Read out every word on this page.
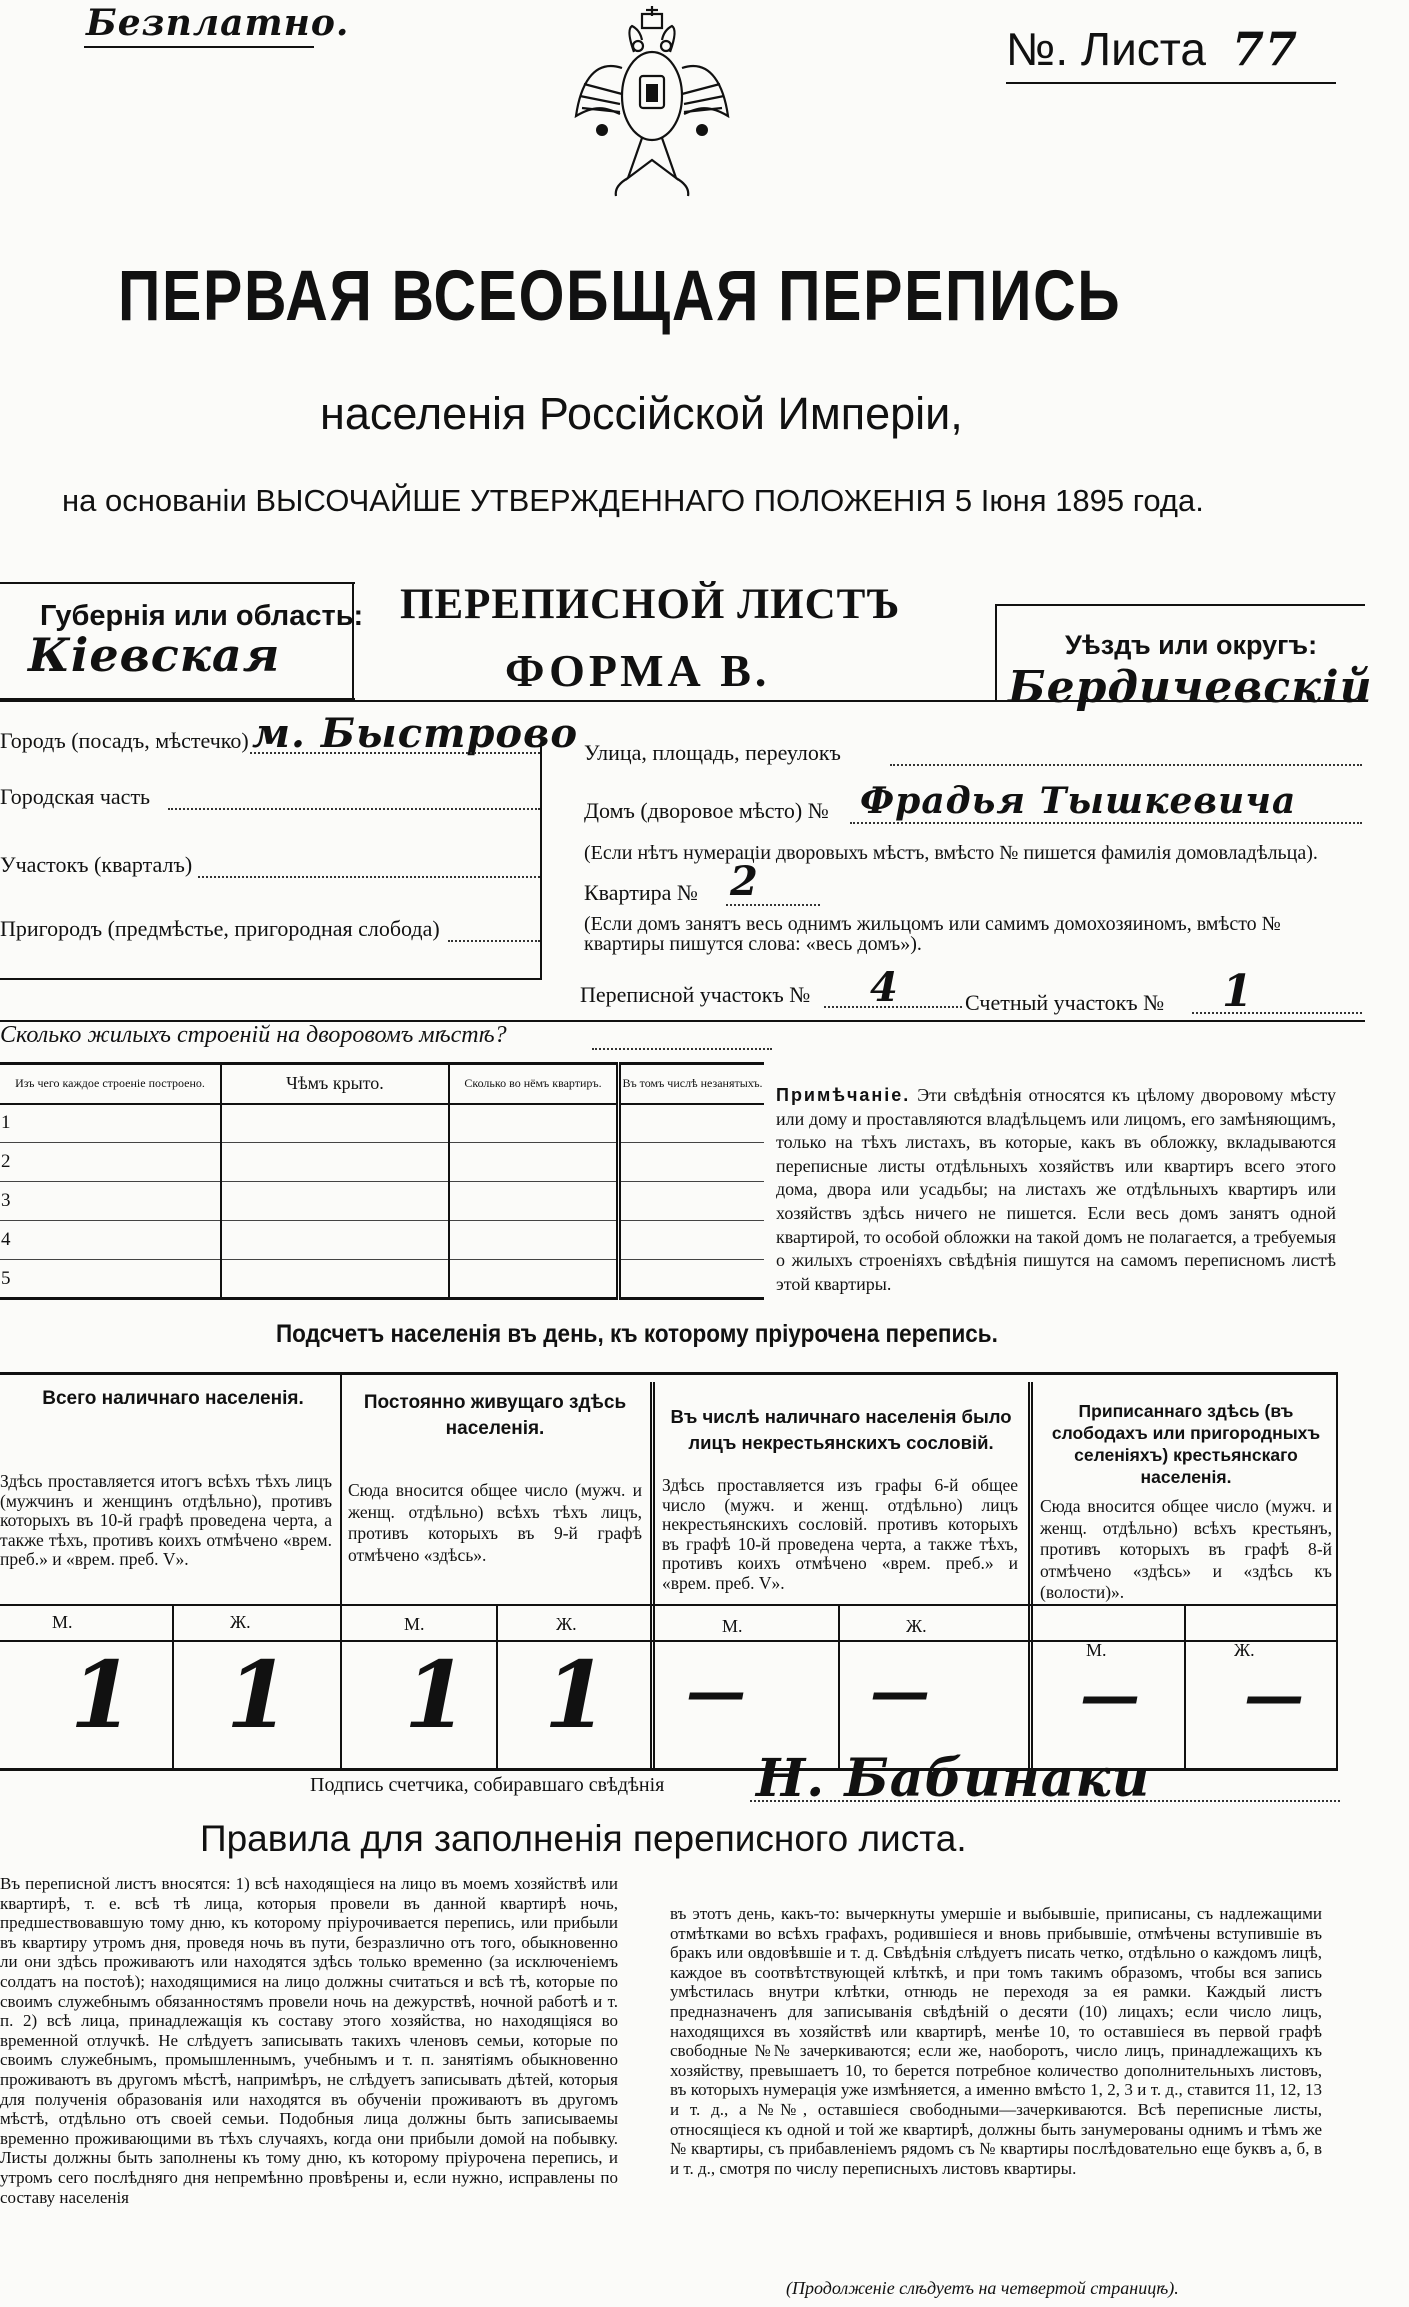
Безплатно.	№. Листа 77
ПЕРВАЯ ВСЕОБЩАЯ ПЕРЕПИСЬ
населенія Россійской Имперіи,
на основаніи ВЫСОЧАЙШЕ УТВЕРЖДЕННАГО ПОЛОЖЕНІЯ 5 Іюня 1895 года.
Губернія или область:
Кіевская
ПЕРЕПИСНОЙ ЛИСТЪ
ФОРМА В.	Уѣздъ или округъ:
Бердичевскій
Городъ (посадъ, мѣстечко) м. Быстрово
Городская часть
Участокъ (кварталъ)
Пригородъ (предмѣстье, пригородная слобода)
Улица, площадь, переулокъ
Домъ (дворовое мѣсто) № Фрадья Тышкевича
(Если нѣтъ нумераціи дворовыхъ мѣстъ, вмѣсто № пишется фамилія домовладѣльца).
Квартира № 2
(Если домъ занятъ весь однимъ жильцомъ или самимъ домохозяиномъ, вмѣсто № квартиры пишутся слова: «весь домъ»).
Переписной участокъ № 4	Счетный участокъ № 1
Сколько жилыхъ строеній на дворовомъ мѣстѣ?
Изъ чего каждое строеніе построено.	Чѣмъ крыто.	Сколько во нёмъ квартиръ.	Въ томъ числѣ незанятыхъ.
1			
2			
3			
4			
5			
Примѣчаніе. Эти свѣдѣнія относятся къ цѣлому дворовому мѣсту или дому и проставляются владѣльцемъ или лицомъ, его замѣняющимъ, только на тѣхъ листахъ, въ которые, какъ въ обложку, вкладываются переписные листы отдѣльныхъ хозяйствъ или квартиръ всего этого дома, двора или усадьбы; на листахъ же отдѣльныхъ квартиръ или хозяйствъ здѣсь ничего не пишется. Если весь домъ занятъ одной квартирой, то особой обложки на такой домъ не полагается, а требуемыя о жилыхъ строеніяхъ свѣдѣнія пишутся на самомъ переписномъ листѣ этой квартиры.
Подсчетъ населенія въ день, къ которому пріурочена перепись.
Всего наличнаго населенія.
Здѣсь проставляется итогъ всѣхъ тѣхъ лицъ (мужчинъ и женщинъ отдѣльно), противъ которыхъ въ 10-й графѣ проведена черта, а также тѣхъ, противъ коихъ отмѣчено «врем. преб.» и «врем. преб. V».
М.	Ж.
1 1
Постоянно живущаго здѣсь населенія.
Сюда вносится общее число (мужч. и женщ. отдѣльно) всѣхъ тѣхъ лицъ, противъ которыхъ въ 9-й графѣ отмѣчено «здѣсь».
М.	Ж.
1 1
Въ числѣ наличнаго населенія было лицъ некрестьянскихъ сословій.
Здѣсь проставляется изъ графы 6-й общее число (мужч. и женщ. отдѣльно) лицъ некрестьянскихъ сословій. противъ которыхъ въ графѣ 10-й проведена черта, а также тѣхъ, противъ коихъ отмѣчено «врем. преб.» и «врем. преб. V».
М.	Ж.
— —
Приписаннаго здѣсь (въ слободахъ или пригородныхъ селеніяхъ) крестьянскаго населенія.
Сюда вносится общее число (мужч. и женщ. отдѣльно) всѣхъ крестьянъ, противъ которыхъ въ графѣ 8-й отмѣчено «здѣсь» и «здѣсь къ (волости)».
М.	Ж.
— —
Подпись счетчика, собиравшаго свѣдѣнія Н. Бабинаки
Правила для заполненія переписного листа.
Въ переписной листъ вносятся: 1) всѣ находящіеся на лицо въ моемъ хозяйствѣ или квартирѣ, т. е. всѣ тѣ лица, которыя провели въ данной квартирѣ ночь, предшествовавшую тому дню, къ которому пріурочивается перепись, или прибыли въ квартиру утромъ дня, проведя ночь въ пути, безразлично отъ того, обыкновенно ли они здѣсь проживаютъ или находятся здѣсь только временно (за исключеніемъ солдатъ на постоѣ); находящимися на лицо должны считаться и всѣ тѣ, которые по своимъ служебнымъ обязанностямъ провели ночь на дежурствѣ, ночной работѣ и т. п. 2) всѣ лица, принадлежащія къ составу этого хозяйства, но находящіяся во временной отлучкѣ. Не слѣдуетъ записывать такихъ членовъ семьи, которые по своимъ служебнымъ, промышленнымъ, учебнымъ и т. п. занятіямъ обыкновенно проживаютъ въ другомъ мѣстѣ, напримѣръ, не слѣдуетъ записывать дѣтей, которыя для полученія образованія или находятся въ обученіи проживаютъ въ другомъ мѣстѣ, отдѣльно отъ своей семьи. Подобныя лица должны быть записываемы временно проживающими въ тѣхъ случаяхъ, когда они прибыли домой на побывку. Листы должны быть заполнены къ тому дню, къ которому пріурочена перепись, и утромъ сего послѣдняго дня непремѣнно провѣрены и, если нужно, исправлены по составу населенія
въ этотъ день, какъ-то: вычеркнуты умершіе и выбывшіе, приписаны, съ надлежащими отмѣтками во всѣхъ графахъ, родившіеся и вновь прибывшіе, отмѣчены вступившіе въ бракъ или овдовѣвшіе и т. д. Свѣдѣнія слѣдуетъ писать четко, отдѣльно о каждомъ лицѣ, каждое въ соотвѣтствующей клѣткѣ, и при томъ такимъ образомъ, чтобы вся запись умѣстилась внутри клѣтки, отнюдь не переходя за ея рамки. Каждый листъ предназначенъ для записыванія свѣдѣній о десяти (10) лицахъ; если число лицъ, находящихся въ хозяйствѣ или квартирѣ, менѣе 10, то оставшіеся въ первой графѣ свободные №№ зачеркиваются; если же, наоборотъ, число лицъ, принадлежащихъ къ хозяйству, превышаетъ 10, то берется потребное количество дополнительныхъ листовъ, въ которыхъ нумерація уже измѣняется, а именно вмѣсто 1, 2, 3 и т. д., ставится 11, 12, 13 и т. д., а №№, оставшіеся свободными—зачеркиваются. Всѣ переписные листы, относящіеся къ одной и той же квартирѣ, должны быть занумерованы однимъ и тѣмъ же № квартиры, съ прибавленіемъ рядомъ съ № квартиры послѣдовательно еще буквъ а, б, в и т. д., смотря по числу переписныхъ листовъ квартиры.
(Продолженіе слѣдуетъ на четвертой страницѣ).
